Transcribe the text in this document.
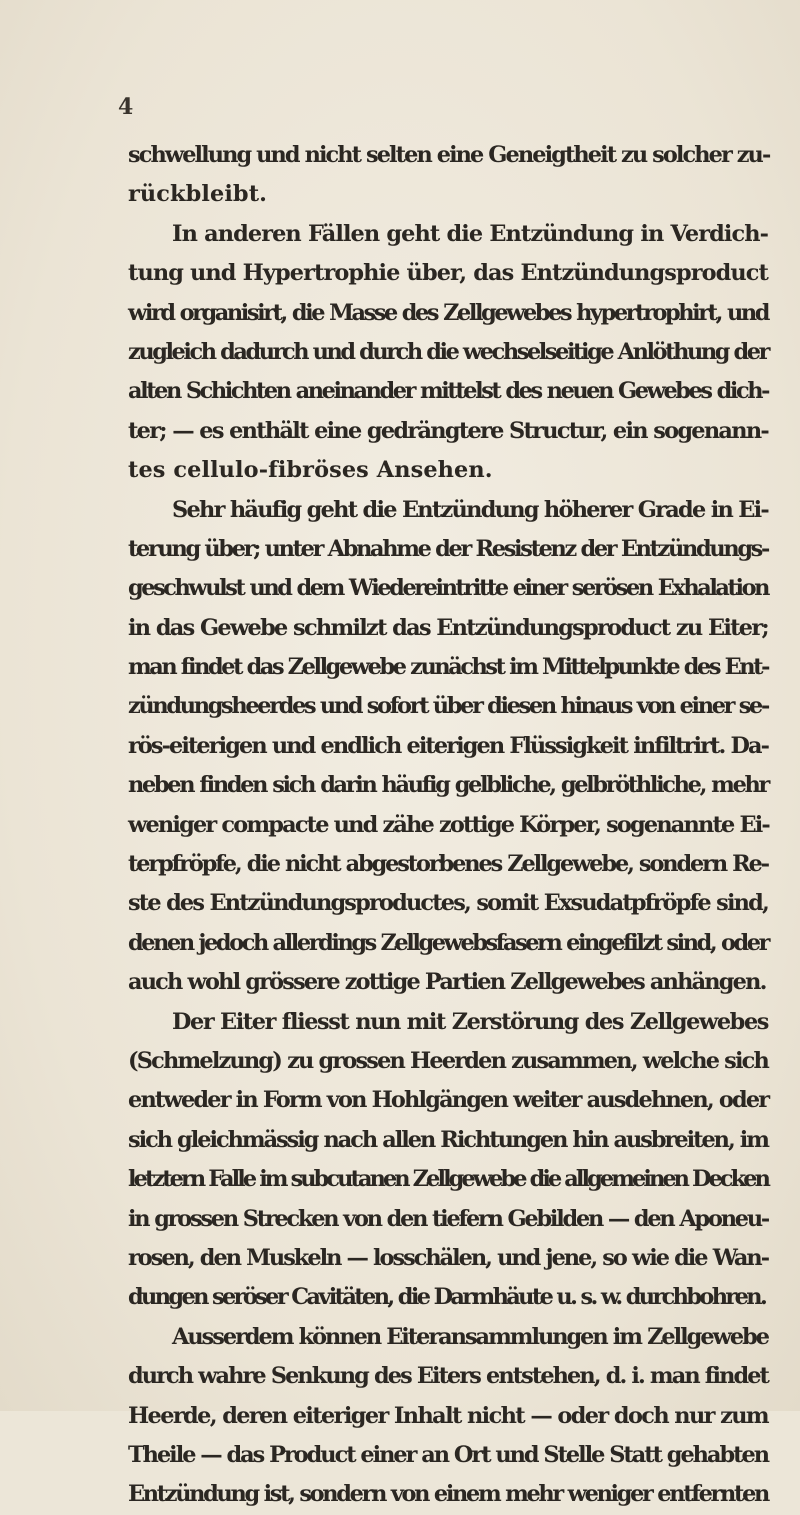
4
schwellung und nicht selten eine Geneigtheit zu solcher zu-
rückbleibt.
In anderen Fällen geht die Entzündung in Verdich-
tung und Hypertrophie über, das Entzündungsproduct
wird organisirt, die Masse des Zellgewebes hypertrophirt, und
zugleich dadurch und durch die wechselseitige Anlöthung der
alten Schichten aneinander mittelst des neuen Gewebes dich-
ter; — es enthält eine gedrängtere Structur, ein sogenann-
tes cellulo-fibröses Ansehen.
Sehr häufig geht die Entzündung höherer Grade in Ei-
terung über; unter Abnahme der Resistenz der Entzündungs-
geschwulst und dem Wiedereintritte einer serösen Exhalation
in das Gewebe schmilzt das Entzündungsproduct zu Eiter;
man findet das Zellgewebe zunächst im Mittelpunkte des Ent-
zündungsheerdes und sofort über diesen hinaus von einer se-
rös-eiterigen und endlich eiterigen Flüssigkeit infiltrirt. Da-
neben finden sich darin häufig gelbliche, gelbröthliche, mehr
weniger compacte und zähe zottige Körper, sogenannte Ei-
terpfröpfe, die nicht abgestorbenes Zellgewebe, sondern Re-
ste des Entzündungsproductes, somit Exsudatpfröpfe sind,
denen jedoch allerdings Zellgewebsfasern eingefilzt sind, oder
auch wohl grössere zottige Partien Zellgewebes anhängen.
Der Eiter fliesst nun mit Zerstörung des Zellgewebes
(Schmelzung) zu grossen Heerden zusammen, welche sich
entweder in Form von Hohlgängen weiter ausdehnen, oder
sich gleichmässig nach allen Richtungen hin ausbreiten, im
letztern Falle im subcutanen Zellgewebe die allgemeinen Decken
in grossen Strecken von den tiefern Gebilden — den Aponeu-
rosen, den Muskeln — losschälen, und jene, so wie die Wan-
dungen seröser Cavitäten, die Darmhäute u. s. w. durchbohren.
Ausserdem können Eiteransammlungen im Zellgewebe
durch wahre Senkung des Eiters entstehen, d. i. man findet
Heerde, deren eiteriger Inhalt nicht — oder doch nur zum
Theile — das Product einer an Ort und Stelle Statt gehabten
Entzündung ist, sondern von einem mehr weniger entfernten
